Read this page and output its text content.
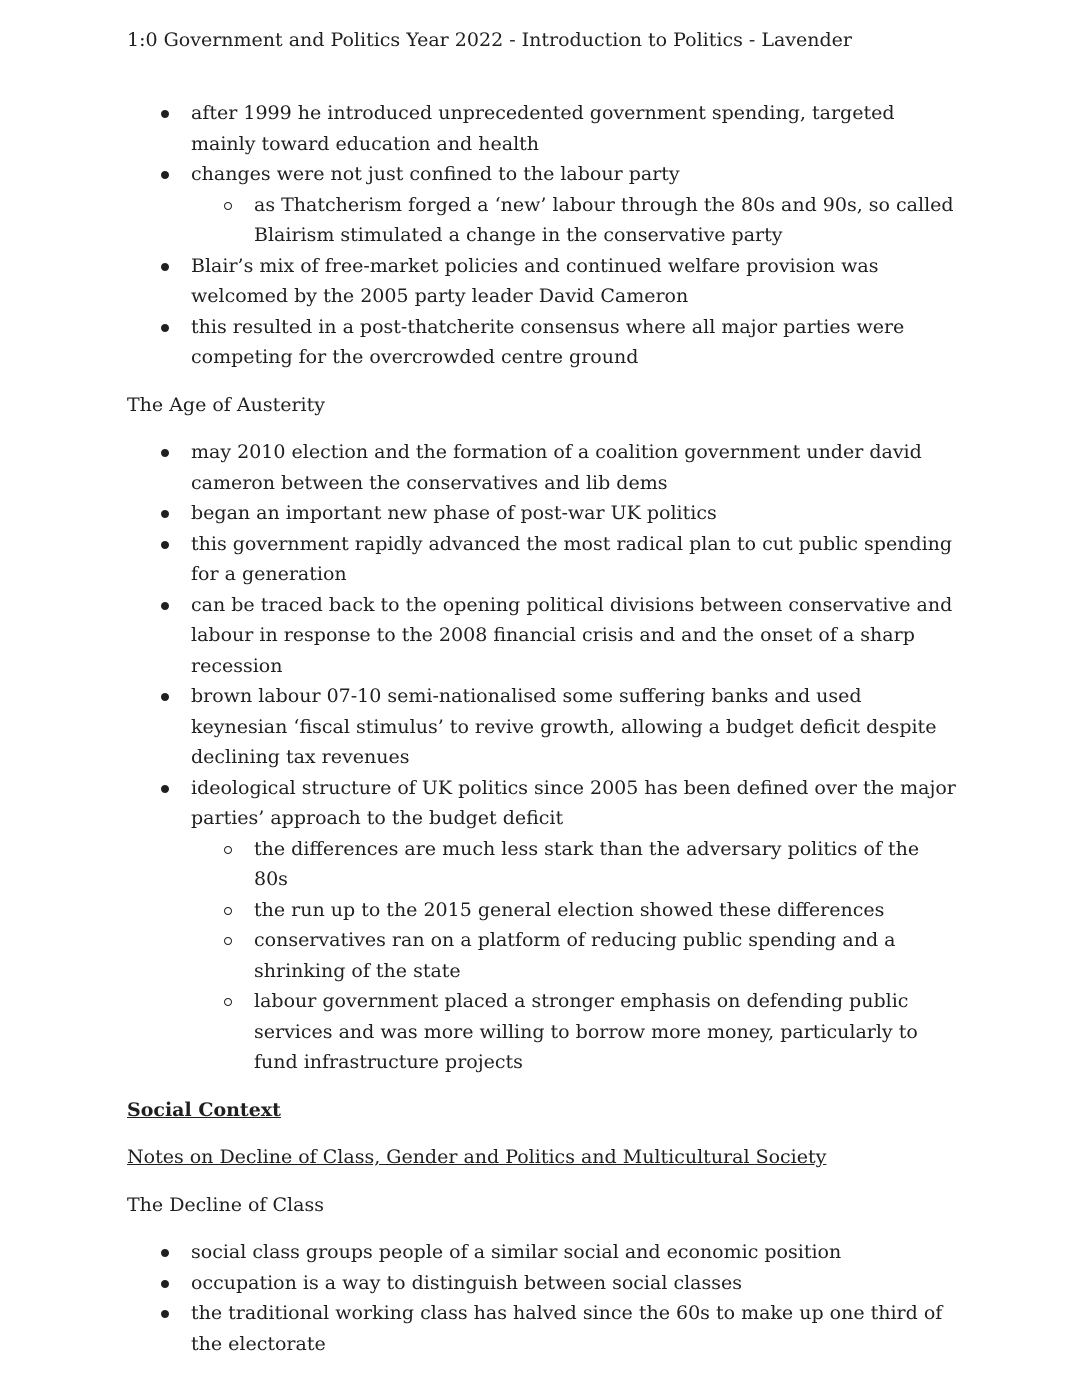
1:0 Government and Politics Year 2022 - Introduction to Politics - Lavender
after 1999 he introduced unprecedented government spending, targeted mainly toward education and health
changes were not just confined to the labour party
as Thatcherism forged a ‘new’ labour through the 80s and 90s, so called Blairism stimulated a change in the conservative party
Blair’s mix of free-market policies and continued welfare provision was welcomed by the 2005 party leader David Cameron
this resulted in a post-thatcherite consensus where all major parties were competing for the overcrowded centre ground
The Age of Austerity
may 2010 election and the formation of a coalition government under david cameron between the conservatives and lib dems
began an important new phase of post-war UK politics
this government rapidly advanced the most radical plan to cut public spending for a generation
can be traced back to the opening political divisions between conservative and labour in response to the 2008 financial crisis and and the onset of a sharp recession
brown labour 07-10 semi-nationalised some suffering banks and used keynesian ‘fiscal stimulus’ to revive growth, allowing a budget deficit despite declining tax revenues
ideological structure of UK politics since 2005 has been defined over the major parties’ approach to the budget deficit
the differences are much less stark than the adversary politics of the 80s
the run up to the 2015 general election showed these differences
conservatives ran on a platform of reducing public spending and a shrinking of the state
labour government placed a stronger emphasis on defending public services and was more willing to borrow more money, particularly to fund infrastructure projects
Social Context
Notes on Decline of Class, Gender and Politics and Multicultural Society
The Decline of Class
social class groups people of a similar social and economic position
occupation is a way to distinguish between social classes
the traditional working class has halved since the 60s to make up one third of the electorate
